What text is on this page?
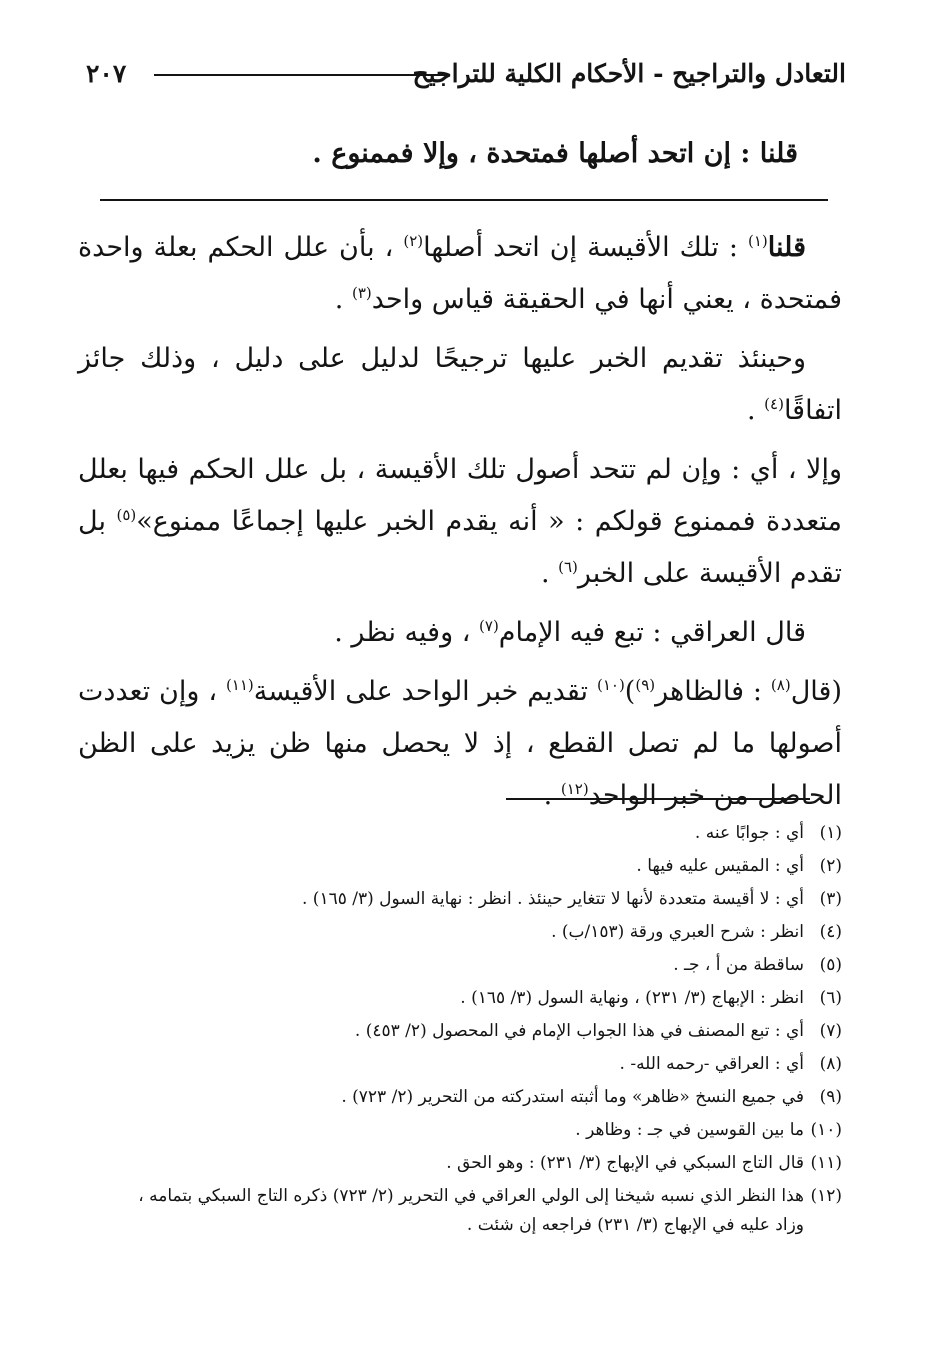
التعادل والتراجيح - الأحكام الكلية للتراجيح
٢٠٧
قلنا : إن اتحد أصلها فمتحدة ، وإلا فممنوع .

قلنا$^{(١)}$ : تلك الأقيسة إن اتحد أصلها$^{(٢)}$ ، بأن علل الحكم بعلة واحدة فمتحدة ، يعني أنها في الحقيقة قياس واحد$^{(٣)}$ .

وحينئذ تقديم الخبر عليها ترجيحًا لدليل على دليل ، وذلك جائز اتفاقًا$^{(٤)}$ .

وإلا ، أي : وإن لم تتحد أصول تلك الأقيسة ، بل علل الحكم فيها بعلل متعددة فممنوع قولكم : « أنه يقدم الخبر عليها إجماعًا ممنوع»$^{(٥)}$ بل تقدم الأقيسة على الخبر$^{(٦)}$ .

قال العراقي : تبع فيه الإمام$^{(٧)}$ ، وفيه نظر .

(قال$^{(٨)}$ : فالظاهر$^{(٩)}$)$^{(١٠)}$ تقديم خبر الواحد على الأقيسة$^{(١١)}$ ، وإن تعددت أصولها ما لم تصل القطع ، إذ لا يحصل منها ظن يزيد على الظن الحاصل من خبر الواحد$^{(١٢)}$ .

(١)أي : جوابًا عنه .
(٢)أي : المقيس عليه فيها .
(٣)أي : لا أقيسة متعددة لأنها لا تتغاير حينئذ . انظر : نهاية السول (٣/ ١٦٥) .
(٤)انظر : شرح العبري ورقة (١٥٣/ب) .
(٥)ساقطة من أ ، جـ .
(٦)انظر : الإبهاج (٣/ ٢٣١) ، ونهاية السول (٣/ ١٦٥) .
(٧)أي : تبع المصنف في هذا الجواب الإمام في المحصول (٢/ ٤٥٣) .
(٨)أي : العراقي -رحمه الله- .
(٩)في جميع النسخ «ظاهر» وما أثبته استدركته من التحرير (٢/ ٧٢٣) .
(١٠)ما بين القوسين في جـ : وظاهر .
(١١)قال التاج السبكي في الإبهاج (٣/ ٢٣١) : وهو الحق .
(١٢)هذا النظر الذي نسبه شيخنا إلى الولي العراقي في التحرير (٢/ ٧٢٣) ذكره التاج السبكي بتمامه ،
وزاد عليه في الإبهاج (٣/ ٢٣١) فراجعه إن شئت .
